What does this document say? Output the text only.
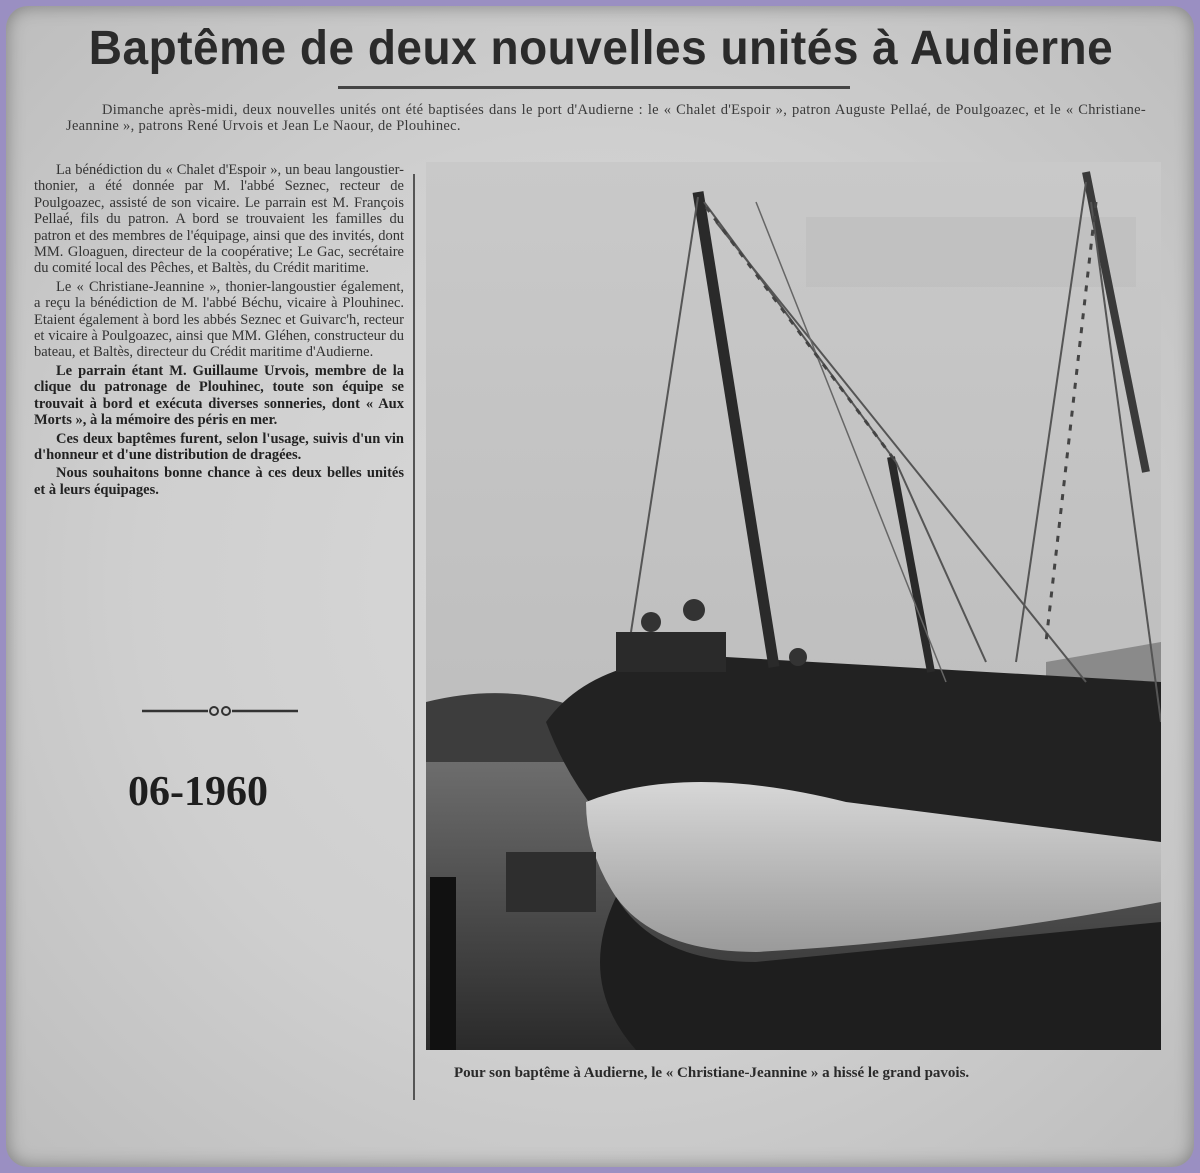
Baptême de deux nouvelles unités à Audierne
Dimanche après-midi, deux nouvelles unités ont été baptisées dans le port d'Audierne : le « Chalet d'Espoir », patron Auguste Pellaé, de Poulgoazec, et le « Christiane-Jeannine », patrons René Urvois et Jean Le Naour, de Plouhinec.

La bénédiction du « Chalet d'Espoir », un beau langoustier-thonier, a été donnée par M. l'abbé Seznec, recteur de Poulgoazec, assisté de son vicaire. Le parrain est M. François Pellaé, fils du patron. A bord se trouvaient les familles du patron et des membres de l'équipage, ainsi que des invités, dont MM. Gloaguen, directeur de la coopérative; Le Gac, secrétaire du comité local des Pêches, et Baltès, du Crédit maritime.

Le « Christiane-Jeannine », thonier-langoustier également, a reçu la bénédiction de M. l'abbé Béchu, vicaire à Plouhinec. Etaient également à bord les abbés Seznec et Guivarc'h, recteur et vicaire à Poulgoazec, ainsi que MM. Gléhen, constructeur du bateau, et Baltès, directeur du Crédit maritime d'Audierne.

Le parrain étant M. Guillaume Urvois, membre de la clique du patronage de Plouhinec, toute son équipe se trouvait à bord et exécuta diverses sonneries, dont « Aux Morts », à la mémoire des péris en mer.

Ces deux baptêmes furent, selon l'usage, suivis d'un vin d'honneur et d'une distribution de dragées.

Nous souhaitons bonne chance à ces deux belles unités et à leurs équipages.

06-1960
Pour son baptême à Audierne, le « Christiane-Jeannine » a hissé le grand pavois.
